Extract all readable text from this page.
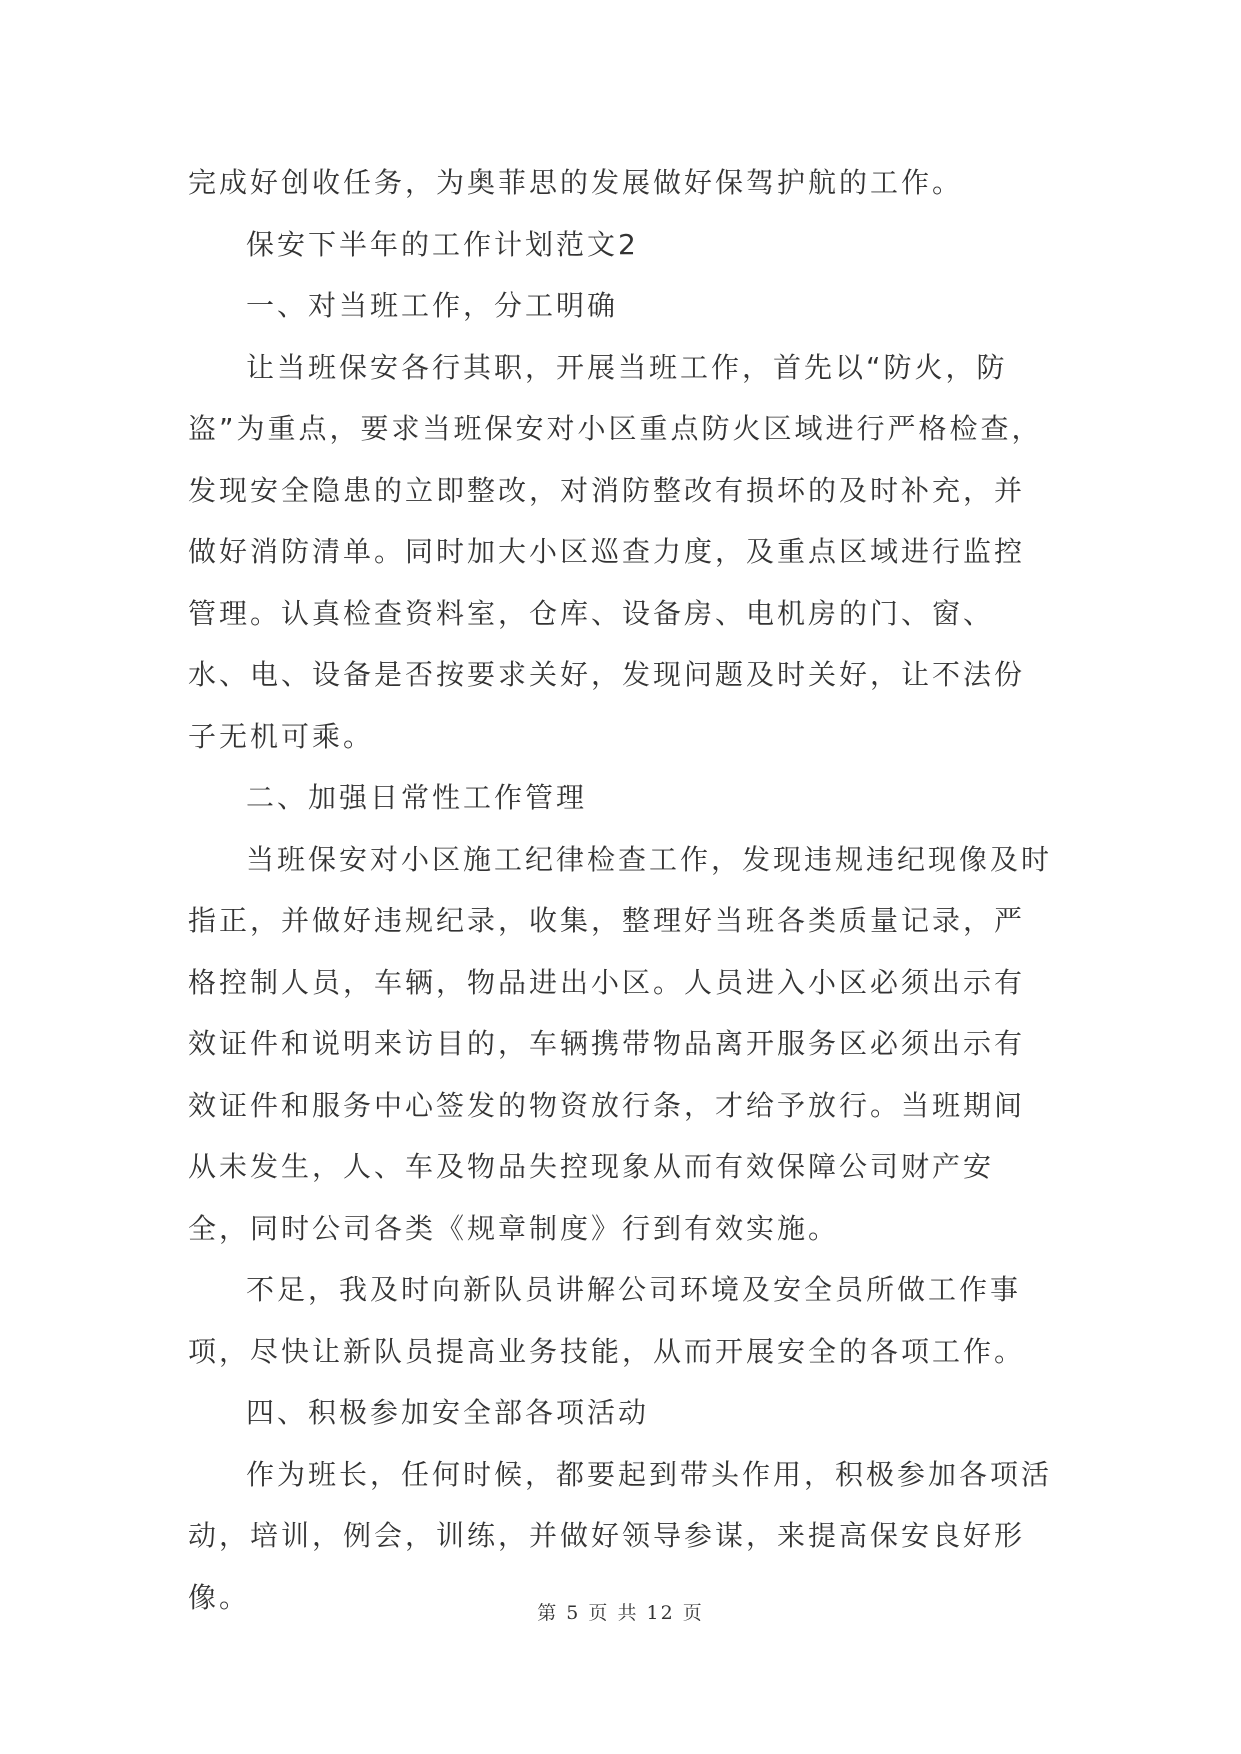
完成好创收任务，为奥菲思的发展做好保驾护航的工作。

保安下半年的工作计划范文2

一、对当班工作，分工明确

让当班保安各行其职，开展当班工作，首先以“防火，防盗”为重点，要求当班保安对小区重点防火区域进行严格检查，发现安全隐患的立即整改，对消防整改有损坏的及时补充，并做好消防清单。同时加大小区巡查力度，及重点区域进行监控管理。认真检查资料室，仓库、设备房、电机房的门、窗、水、电、设备是否按要求关好，发现问题及时关好，让不法份子无机可乘。

二、加强日常性工作管理

当班保安对小区施工纪律检查工作，发现违规违纪现像及时指正，并做好违规纪录，收集，整理好当班各类质量记录，严格控制人员，车辆，物品进出小区。人员进入小区必须出示有效证件和说明来访目的，车辆携带物品离开服务区必须出示有效证件和服务中心签发的物资放行条，才给予放行。当班期间从未发生，人、车及物品失控现象从而有效保障公司财产安全，同时公司各类《规章制度》行到有效实施。

不足，我及时向新队员讲解公司环境及安全员所做工作事项，尽快让新队员提高业务技能，从而开展安全的各项工作。

四、积极参加安全部各项活动

作为班长，任何时候，都要起到带头作用，积极参加各项活动，培训，例会，训练，并做好领导参谋，来提高保安良好形像。	第 5 页 共 12 页
